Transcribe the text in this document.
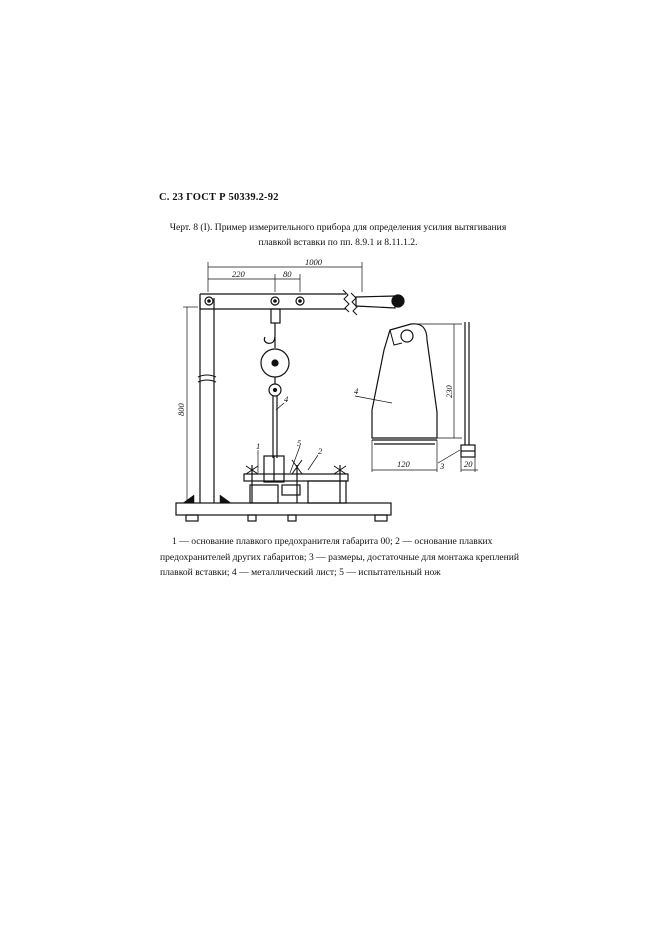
С. 23 ГОСТ Р 50339.2-92
Черт. 8 (I). Пример измерительного прибора для определения усилия вытягивания
плавкой вставки по пп. 8.9.1 и 8.11.1.2.
1000
220	80
800
230
120	20
1	5
2
4
4
3
1 — основание плавкого предохранителя габарита 00; 2 — основание плавких
предохранителей других габаритов; 3 — размеры, достаточные для монтажа креплений
плавкой вставки; 4 — металлический лист; 5 — испытательный нож
